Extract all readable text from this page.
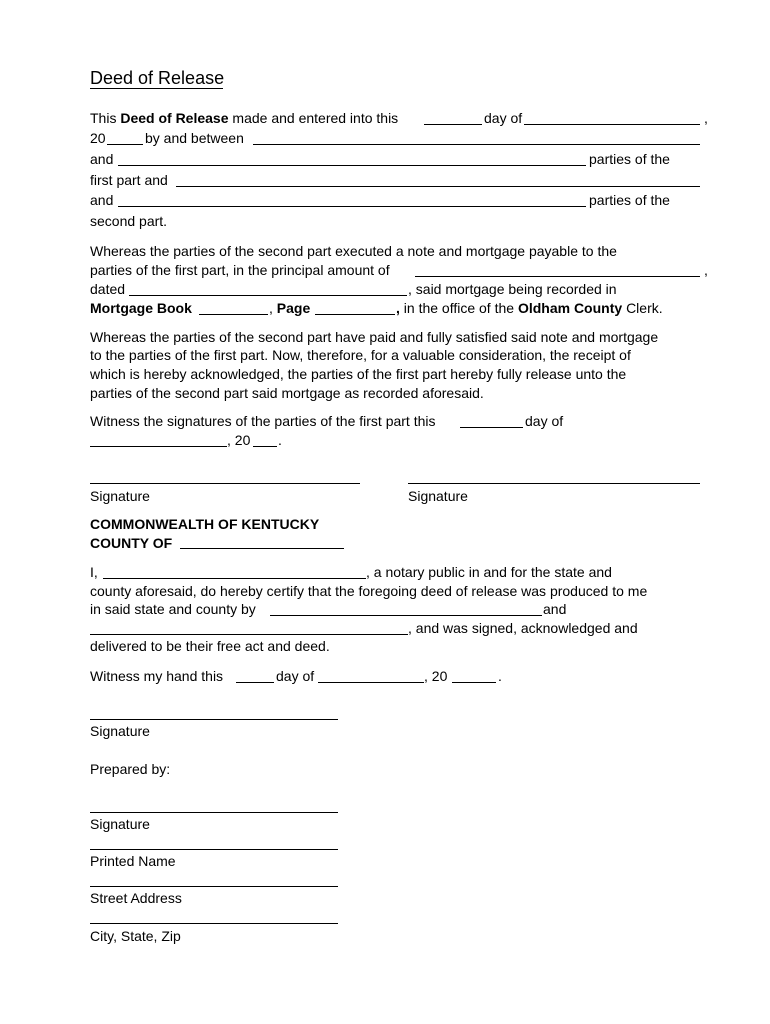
Deed of Release
This Deed of Release made and entered into this	day of	,
20	by and between
and	parties of the
first part and
and	parties of the
second part.
Whereas the parties of the second part executed a note and mortgage payable to the
parties of the first part, in the principal amount of	,
dated	, said mortgage being recorded in
Mortgage Book	, Page	, in the office of the Oldham County Clerk.
Whereas the parties of the second part have paid and fully satisfied said note and mortgage
to the parties of the first part. Now, therefore, for a valuable consideration, the receipt of
which is hereby acknowledged, the parties of the first part hereby fully release unto the
parties of the second part said mortgage as recorded aforesaid.
Witness the signatures of the parties of the first part this	day of
, 20 .
Signature	Signature
COMMONWEALTH OF KENTUCKY
COUNTY OF
I,	, a notary public in and for the state and
county aforesaid, do hereby certify that the foregoing deed of release was produced to me
in said state and county by	and
, and was signed, acknowledged and
delivered to be their free act and deed.
Witness my hand this	day of	, 20	.
Signature
Prepared by:
Signature
Printed Name
Street Address
City, State, Zip
